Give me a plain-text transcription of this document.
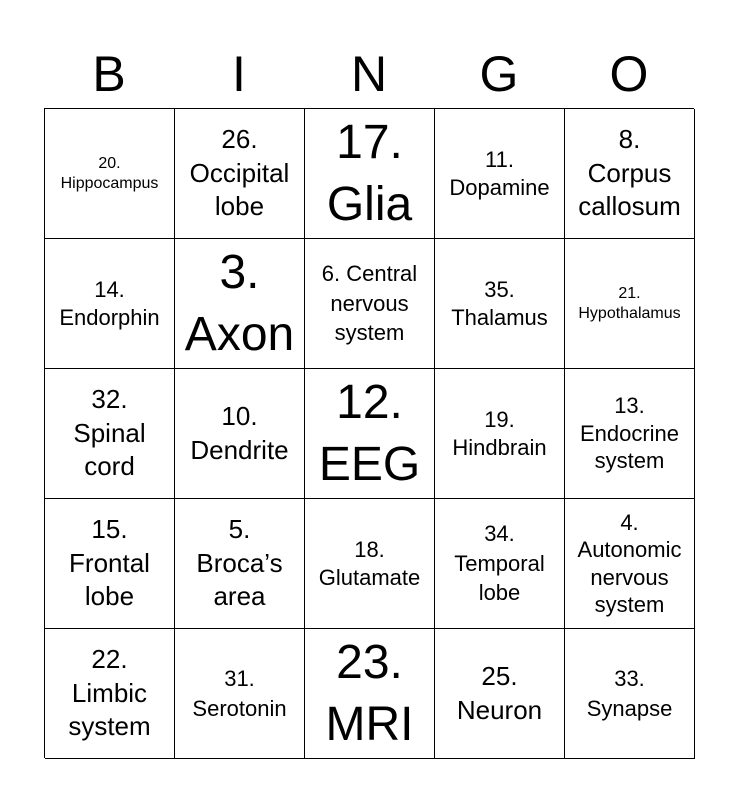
B	I	N	G	O
20.
Hippocampus
26.
Occipital
lobe
17.
Glia
11.
Dopamine
8.
Corpus
callosum
14.
Endorphin
3.
Axon
6. Central
nervous
system
35.
Thalamus
21.
Hypothalamus
32.
Spinal
cord
10.
Dendrite
12.
EEG
19.
Hindbrain
13.
Endocrine
system
15.
Frontal
lobe
5.
Broca’s
area
18.
Glutamate
34.
Temporal
lobe
4.
Autonomic
nervous
system
22.
Limbic
system
31.
Serotonin
23.
MRI
25.
Neuron
33.
Synapse
